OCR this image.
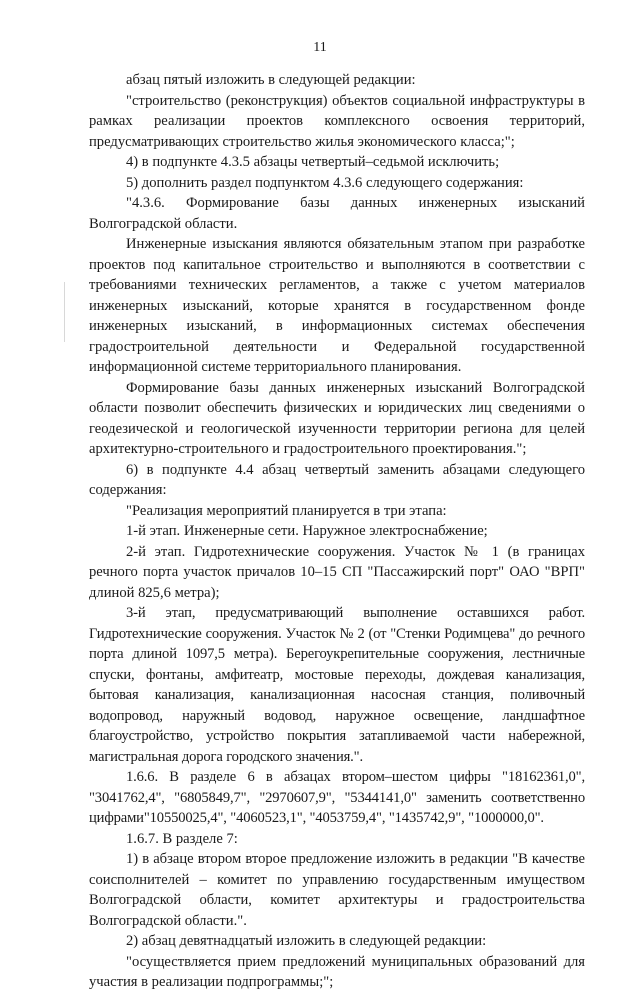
11

абзац пятый изложить в следующей редакции:

"строительство (реконструкция) объектов социальной инфраструктуры в рамках реализации проектов комплексного освоения территорий, предусматривающих строительство жилья экономического класса;";

4) в подпункте 4.3.5 абзацы четвертый–седьмой исключить;

5) дополнить раздел подпунктом 4.3.6 следующего содержания:

"4.3.6. Формирование базы данных инженерных изысканий Волгоградской области.

Инженерные изыскания являются обязательным этапом при разработке проектов под капитальное строительство и выполняются в соответствии с требованиями технических регламентов, а также с учетом материалов инженерных изысканий, которые хранятся в государственном фонде инженерных изысканий, в информационных системах обеспечения градостроительной деятельности и Федеральной государственной информационной системе территориального планирования.

Формирование базы данных инженерных изысканий Волгоградской области позволит обеспечить физических и юридических лиц сведениями о геодезической и геологической изученности территории региона для целей архитектурно-строительного и градостроительного проектирования.";

6) в подпункте 4.4 абзац четвертый заменить абзацами следующего содержания:

"Реализация мероприятий планируется в три этапа:

1-й этап. Инженерные сети. Наружное электроснабжение;

2-й этап. Гидротехнические сооружения. Участок № 1 (в границах речного порта участок причалов 10–15 СП "Пассажирский порт" ОАО "ВРП" длиной 825,6 метра);

3-й этап, предусматривающий выполнение оставшихся работ. Гидротехнические сооружения. Участок № 2 (от "Стенки Родимцева" до речного порта длиной 1097,5 метра). Берегоукрепительные сооружения, лестничные спуски, фонтаны, амфитеатр, мостовые переходы, дождевая канализация, бытовая канализация, канализационная насосная станция, поливочный водопровод, наружный водовод, наружное освещение, ландшафтное благоустройство, устройство покрытия затапливаемой части набережной, магистральная дорога городского значения.".

1.6.6. В разделе 6 в абзацах втором–шестом цифры "18162361,0", "3041762,4", "6805849,7", "2970607,9", "5344141,0" заменить соответственно цифрами"10550025,4", "4060523,1", "4053759,4", "1435742,9", "1000000,0".

1.6.7. В разделе 7:

1) в абзаце втором второе предложение изложить в редакции "В качестве соисполнителей – комитет по управлению государственным имуществом Волгоградской области, комитет архитектуры и градостроительства Волгоградской области.".

2) абзац девятнадцатый изложить в следующей редакции:

"осуществляется прием предложений муниципальных образований для участия в реализации подпрограммы;";
